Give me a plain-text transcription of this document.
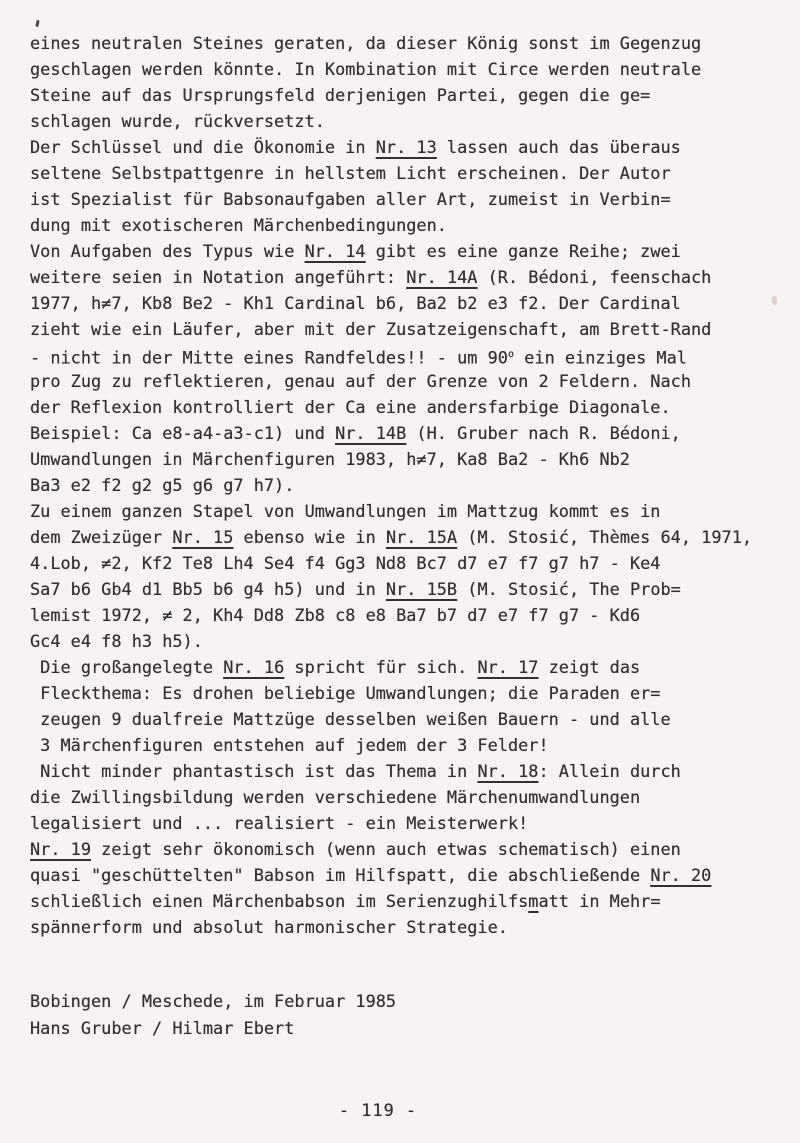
eines neutralen Steines geraten, da dieser König sonst im Gegenzug
geschlagen werden könnte. In Kombination mit Circe werden neutrale
Steine auf das Ursprungsfeld derjenigen Partei, gegen die ge=
schlagen wurde, rückversetzt.
Der Schlüssel und die Ökonomie in Nr. 13 lassen auch das überaus
seltene Selbstpattgenre in hellstem Licht erscheinen. Der Autor
ist Spezialist für Babsonaufgaben aller Art, zumeist in Verbin=
dung mit exotischeren Märchenbedingungen.
Von Aufgaben des Typus wie Nr. 14 gibt es eine ganze Reihe; zwei
weitere seien in Notation angeführt: Nr. 14A (R. Bédoni, feenschach
1977, h≠7, Kb8 Be2 - Kh1 Cardinal b6, Ba2 b2 e3 f2. Der Cardinal
zieht wie ein Läufer, aber mit der Zusatzeigenschaft, am Brett-Rand
- nicht in der Mitte eines Randfeldes!! - um 90$^o$ ein einziges Mal
pro Zug zu reflektieren, genau auf der Grenze von 2 Feldern. Nach
der Reflexion kontrolliert der Ca eine andersfarbige Diagonale.
Beispiel: Ca e8-a4-a3-c1) und Nr. 14B (H. Gruber nach R. Bédoni,
Umwandlungen in Märchenfiguren 1983, h≠7, Ka8 Ba2 - Kh6 Nb2
Ba3 e2 f2 g2 g5 g6 g7 h7).
Zu einem ganzen Stapel von Umwandlungen im Mattzug kommt es in
dem Zweizüger Nr. 15 ebenso wie in Nr. 15A (M. Stosić, Thèmes 64, 1971,
4.Lob, ≠2, Kf2 Te8 Lh4 Se4 f4 Gg3 Nd8 Bc7 d7 e7 f7 g7 h7 - Ke4
Sa7 b6 Gb4 d1 Bb5 b6 g4 h5) und in Nr. 15B (M. Stosić, The Prob=
lemist 1972, ≠ 2, Kh4 Dd8 Zb8 c8 e8 Ba7 b7 d7 e7 f7 g7 - Kd6
Gc4 e4 f8 h3 h5).
Die großangelegte Nr. 16 spricht für sich. Nr. 17 zeigt das
Fleckthema: Es drohen beliebige Umwandlungen; die Paraden er=
zeugen 9 dualfreie Mattzüge desselben weißen Bauern - und alle
3 Märchenfiguren entstehen auf jedem der 3 Felder!
Nicht minder phantastisch ist das Thema in Nr. 18: Allein durch
die Zwillingsbildung werden verschiedene Märchenumwandlungen
legalisiert und ... realisiert - ein Meisterwerk!
Nr. 19 zeigt sehr ökonomisch (wenn auch etwas schematisch) einen
quasi "geschüttelten" Babson im Hilfspatt, die abschließende Nr. 20
schließlich einen Märchenbabson im Serienzughilfsmatt in Mehr=
spännerform und absolut harmonischer Strategie.
Bobingen / Meschede, im Februar 1985
Hans Gruber / Hilmar Ebert
- 119 -
